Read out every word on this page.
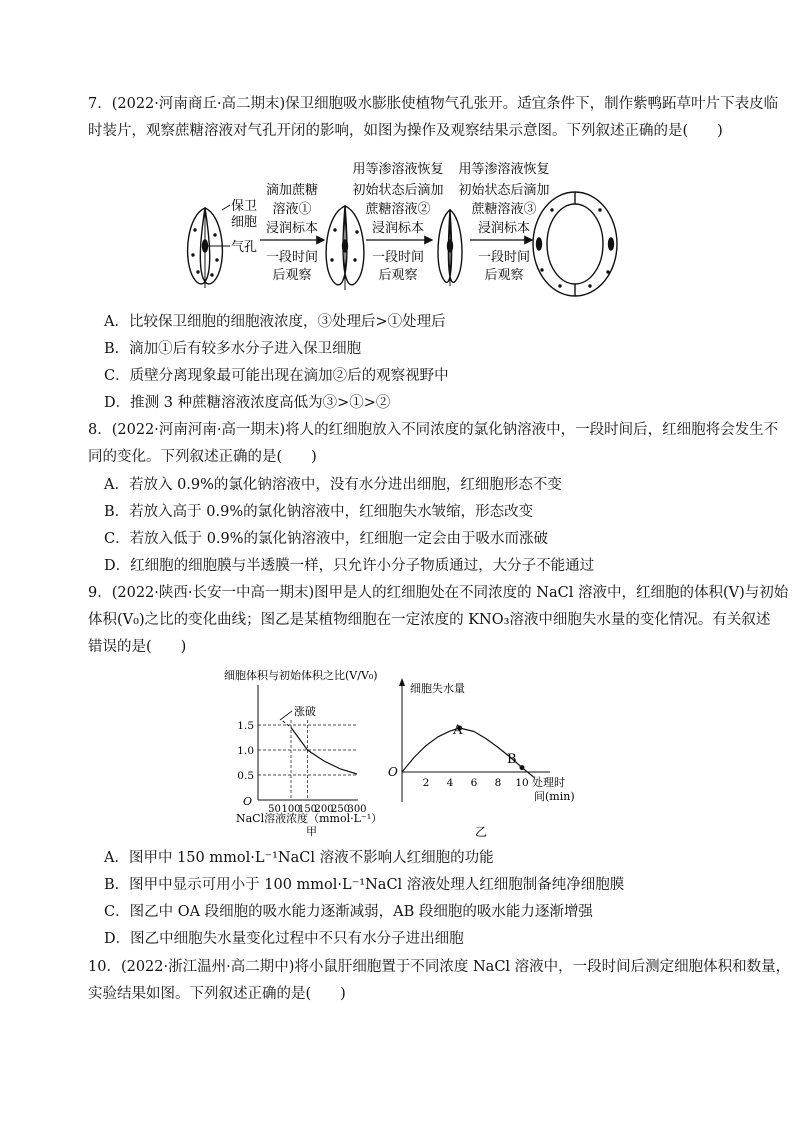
7．(2022·河南商丘·高二期末)保卫细胞吸水膨胀使植物气孔张开。适宜条件下，制作紫鸭跖草叶片下表皮临
时装片，观察蔗糖溶液对气孔开闭的影响，如图为操作及观察结果示意图。下列叙述正确的是(　　)
保卫
细胞
气孔
滴加蔗糖
溶液①
浸润标本
一段时间
后观察
用等渗溶液恢复
初始状态后滴加
蔗糖溶液②
浸润标本
一段时间
后观察
用等渗溶液恢复
初始状态后滴加
蔗糖溶液③
浸润标本
一段时间
后观察
A．比较保卫细胞的细胞液浓度，③处理后>①处理后
B．滴加①后有较多水分子进入保卫细胞
C．质壁分离现象最可能出现在滴加②后的观察视野中
D．推测 3 种蔗糖溶液浓度高低为③>①>②
8．(2022·河南河南·高一期末)将人的红细胞放入不同浓度的氯化钠溶液中，一段时间后，红细胞将会发生不
同的变化。下列叙述正确的是(　　)
A．若放入 0.9%的氯化钠溶液中，没有水分进出细胞，红细胞形态不变
B．若放入高于 0.9%的氯化钠溶液中，红细胞失水皱缩，形态改变
C．若放入低于 0.9%的氯化钠溶液中，红细胞一定会由于吸水而涨破
D．红细胞的细胞膜与半透膜一样，只允许小分子物质通过，大分子不能通过
9．(2022·陕西·长安一中高一期末)图甲是人的红细胞处在不同浓度的 NaCl 溶液中，红细胞的体积(V)与初始
体积(V₀)之比的变化曲线；图乙是某植物细胞在一定浓度的 KNO₃溶液中细胞失水量的变化情况。有关叙述
错误的是(　　)
细胞体积与初始体积之比(V/V₀)
O
0.5
1.0
1.5
50 100
150
200
250
300
涨破
NaCl溶液浓度（mmol·L⁻¹）
甲
细胞失水量
O
2 4 6 8 10
A
B
处理时
间(min)
乙
A．图甲中 150 mmol·L⁻¹NaCl 溶液不影响人红细胞的功能
B．图甲中显示可用小于 100 mmol·L⁻¹NaCl 溶液处理人红细胞制备纯净细胞膜
C．图乙中 OA 段细胞的吸水能力逐渐减弱，AB 段细胞的吸水能力逐渐增强
D．图乙中细胞失水量变化过程中不只有水分子进出细胞
10．(2022·浙江温州·高二期中)将小鼠肝细胞置于不同浓度 NaCl 溶液中，一段时间后测定细胞体积和数量，
实验结果如图。下列叙述正确的是(　　)
